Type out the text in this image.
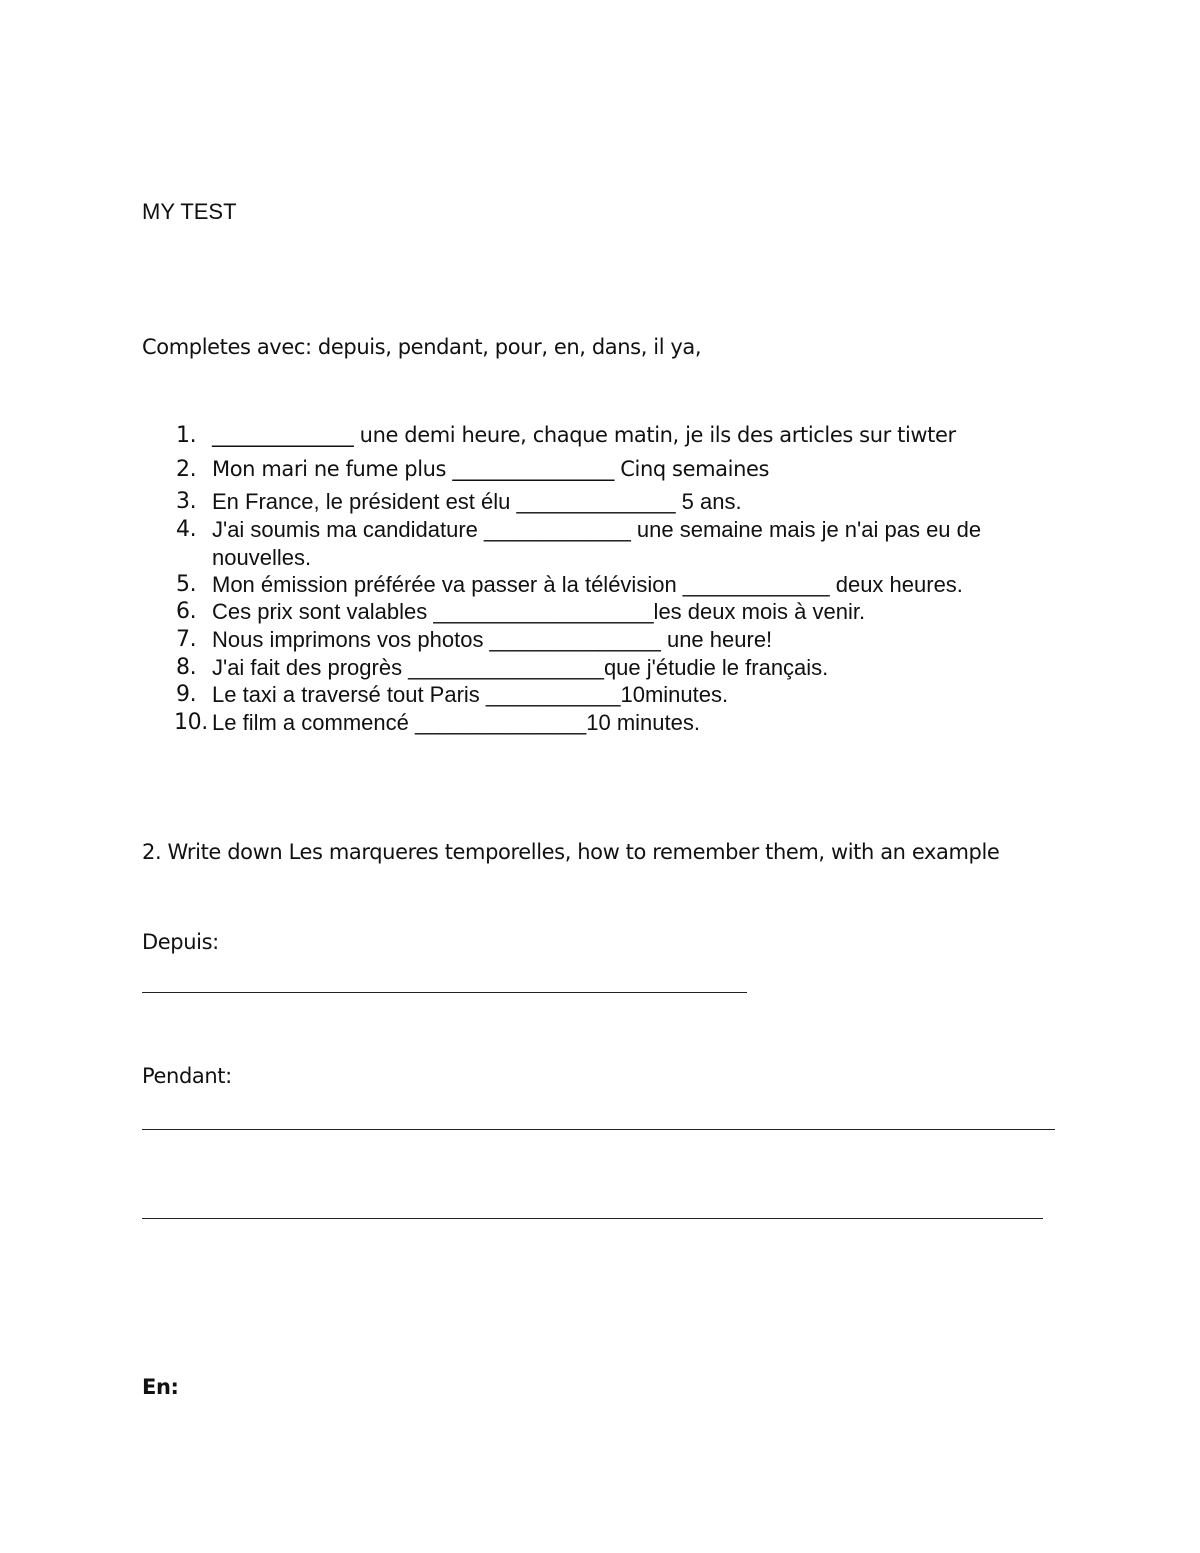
MY TEST
Completes avec: depuis, pendant, pour, en, dans, il ya,
1. ______________ une demi heure, chaque matin, je ils des articles sur tiwter
2. Mon mari ne fume plus ________________ Cinq semaines
3. En France, le président est élu _____________ 5 ans.
4. J'ai soumis ma candidature ____________ une semaine mais je n'ai pas eu de
nouvelles.
5. Mon émission préférée va passer à la télévision ____________ deux heures.
6. Ces prix sont valables __________________les deux mois à venir.
7. Nous imprimons vos photos ______________ une heure!
8. J'ai fait des progrès ________________que j'étudie le français.
9. Le taxi a traversé tout Paris ___________10minutes.
10. Le film a commencé ______________10 minutes.
2. Write down Les marqueres temporelles, how to remember them, with an example
Depuis:
Pendant:
En:
